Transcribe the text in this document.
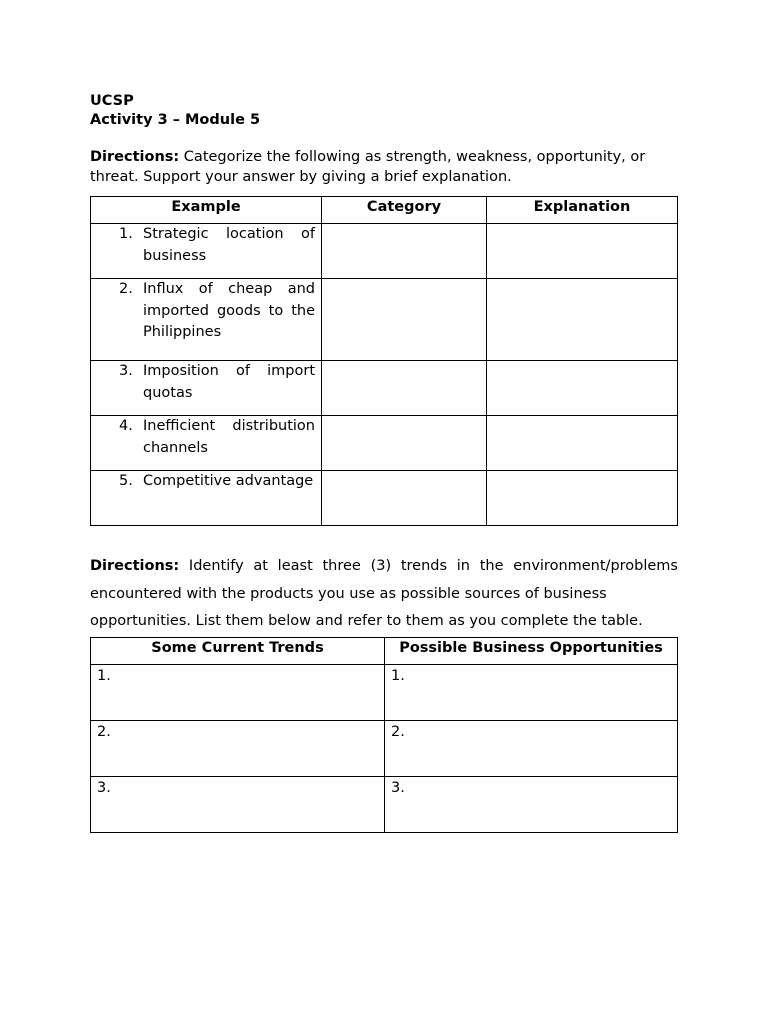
UCSP
Activity 3 – Module 5
Directions: Categorize the following as strength, weakness, opportunity, or threat. Support your answer by giving a brief explanation.
Example	Category	Explanation

1. Strategic location of business		

2. Influx of cheap and imported goods to the Philippines		

3. Imposition of import quotas		

4. Inefficient distribution channels		

5. Competitive advantage		

Directions: Identify at least three (3) trends in the environment/problems encountered with the products you use as possible sources of business
opportunities. List them below and refer to them as you complete the table.
Some Current Trends	Possible Business Opportunities
1.	1.
2.	2.
3.	3.
